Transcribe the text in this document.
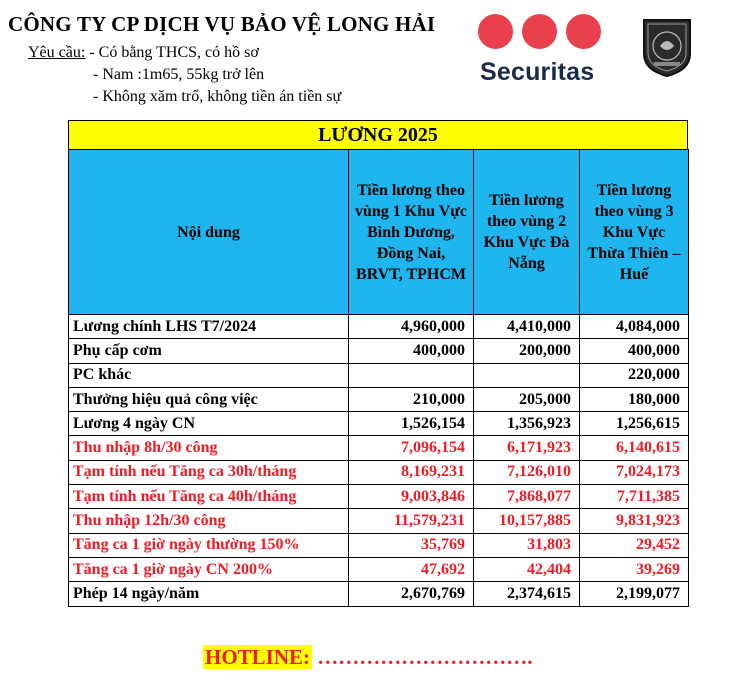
CÔNG TY CP DỊCH VỤ BẢO VỆ LONG HẢI
Yêu cầu: - Có bằng THCS, có hồ sơ
- Nam :1m65, 55kg trở lên
- Không xăm trổ, không tiền án tiền sự
Securitas
LƯƠNG 2025
Nội dung	Tiền lương theo vùng 1 Khu Vực Bình Dương, Đồng Nai, BRVT, TPHCM	Tiền lương theo vùng 2 Khu Vực Đà Nẵng	Tiền lương theo vùng 3 Khu Vực Thừa Thiên – Huế
Lương chính LHS T7/2024	4,960,000	4,410,000	4,084,000
Phụ cấp cơm	400,000	200,000	400,000
PC khác			220,000
Thưởng hiệu quả công việc	210,000	205,000	180,000
Lương 4 ngày CN	1,526,154	1,356,923	1,256,615
Thu nhập 8h/30 công	7,096,154	6,171,923	6,140,615
Tạm tính nếu Tăng ca 30h/tháng	8,169,231	7,126,010	7,024,173
Tạm tính nếu Tăng ca 40h/tháng	9,003,846	7,868,077	7,711,385
Thu nhập 12h/30 công	11,579,231	10,157,885	9,831,923
Tăng ca 1 giờ ngày thường 150%	35,769	31,803	29,452
Tăng ca 1 giờ ngày CN 200%	47,692	42,404	39,269
Phép 14 ngày/năm	2,670,769	2,374,615	2,199,077
HOTLINE: ………………………….
